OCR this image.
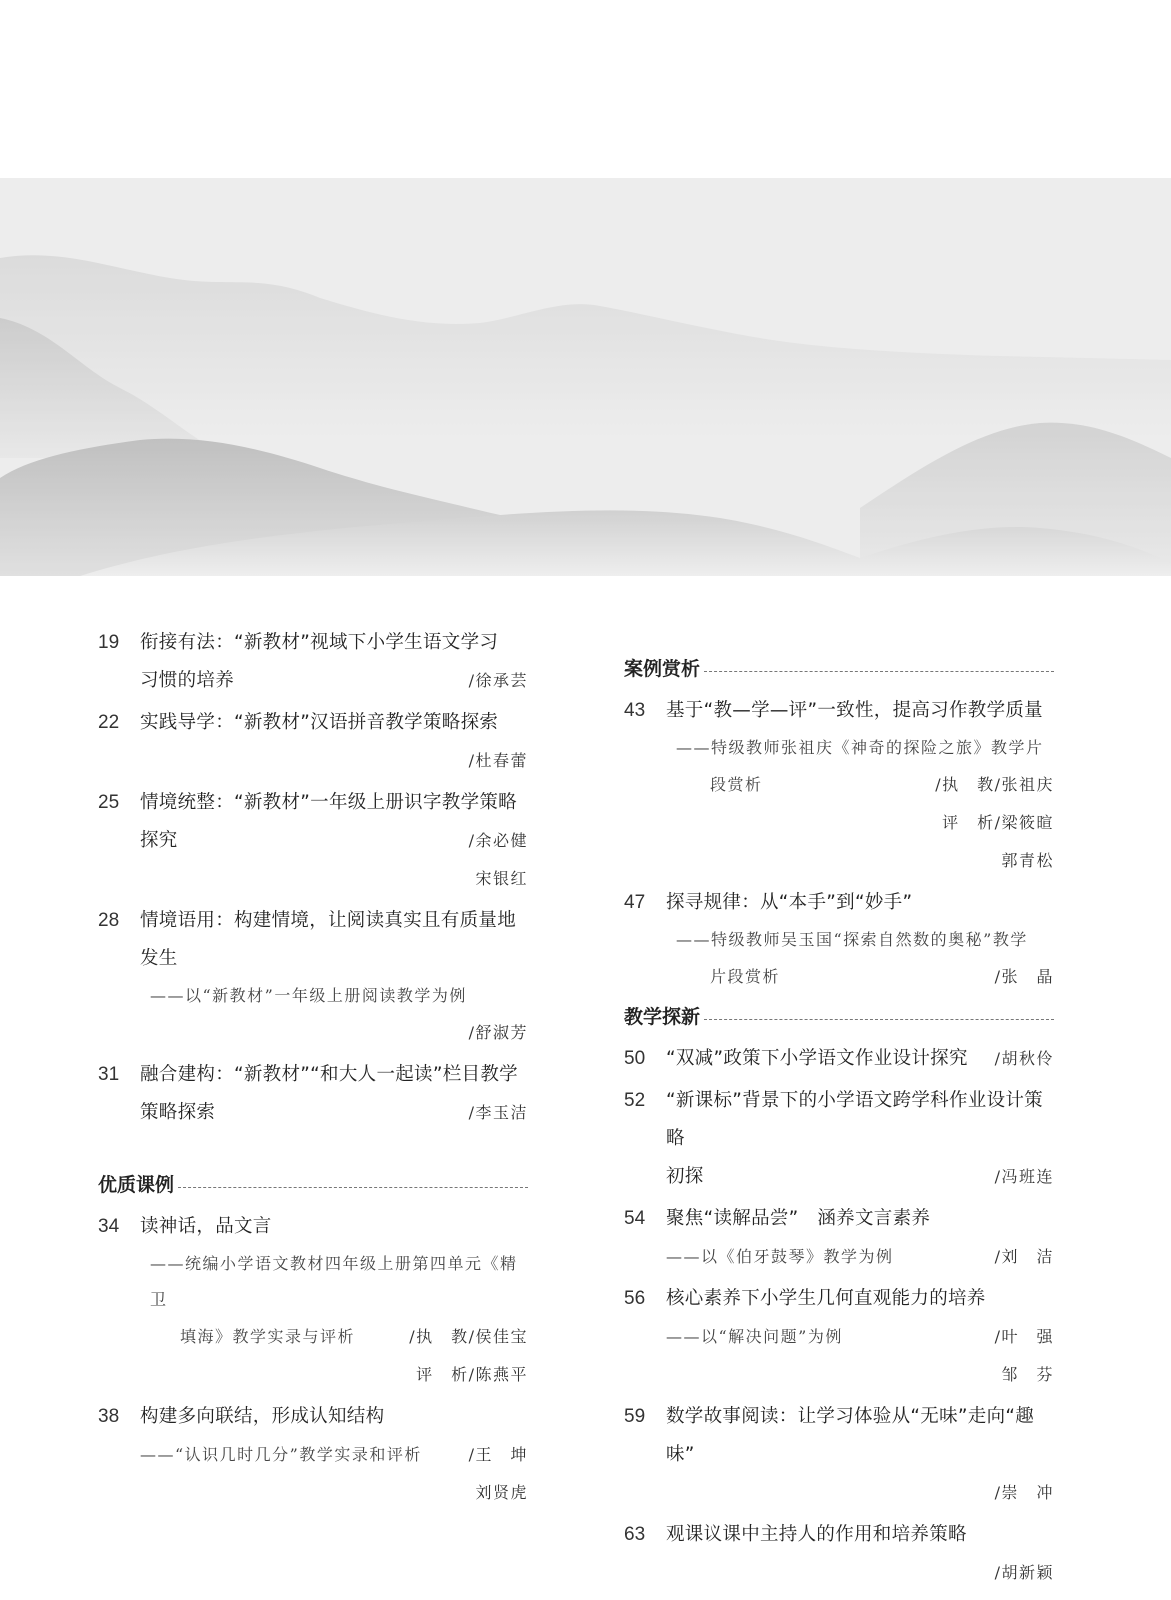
19 衔接有法：“新教材”视域下小学生语文学习
习惯的培养	/徐承芸
22 实践导学：“新教材”汉语拼音教学策略探索
/杜春蕾
25 情境统整：“新教材”一年级上册识字教学策略
探究	/余必健
宋银红
28 情境语用：构建情境，让阅读真实且有质量地发生
——以“新教材”一年级上册阅读教学为例
/舒淑芳
31 融合建构：“新教材”“和大人一起读”栏目教学
策略探索	/李玉洁
优质课例
34 读神话，品文言
——统编小学语文教材四年级上册第四单元《精卫
填海》教学实录与评析	/执　教/侯佳宝
评　析/陈燕平
38 构建多向联结，形成认知结构
——“认识几时几分”教学实录和评析	/王　坤
刘贤虎
案例赏析
43 基于“教—学—评”一致性，提高习作教学质量
——特级教师张祖庆《神奇的探险之旅》教学片
段赏析	/执　教/张祖庆
评　析/梁筱暄
郭青松
47 探寻规律：从“本手”到“妙手”
——特级教师吴玉国“探索自然数的奥秘”教学
片段赏析	/张　晶
教学探新
50 “双减”政策下小学语文作业设计探究 /胡秋伶
52 “新课标”背景下的小学语文跨学科作业设计策略
初探	/冯班连
54 聚焦“读解品尝”　涵养文言素养
——以《伯牙鼓琴》教学为例	/刘　洁
56 核心素养下小学生几何直观能力的培养
——以“解决问题”为例	/叶　强
邹　芬
59 数学故事阅读：让学习体验从“无味”走向“趣味”
/崇　冲
63 观课议课中主持人的作用和培养策略
/胡新颖
